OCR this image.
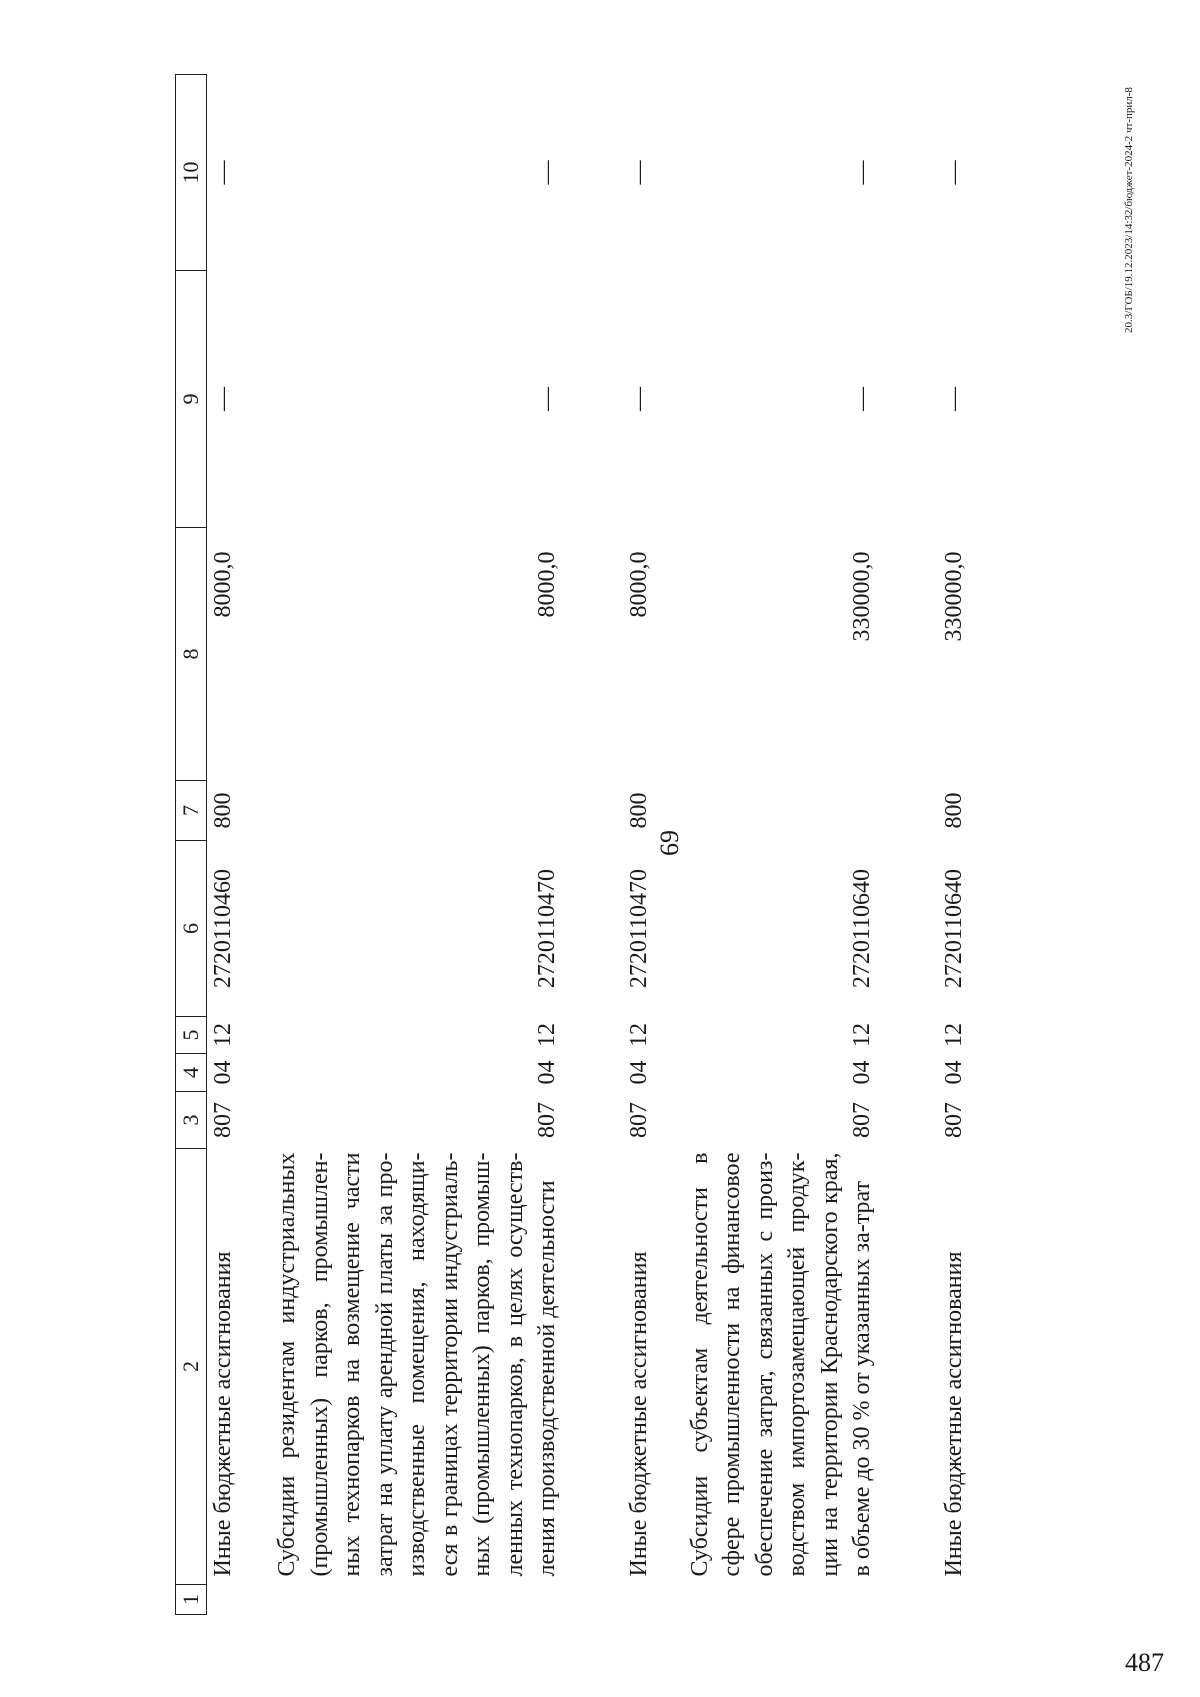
69
1	2	3	4	5	6	7	8	9	10
	Иные бюджетные ассигнования	807	04	12	2720110460	800	8000,0	—	—

	Субсидии резидентам индустриальных (промышленных) парков, промышлен-ных технопарков на возмещение части затрат на уплату арендной платы за про-изводственные помещения, находящи-еся в границах территории индустриаль-ных (промышленных) парков, промыш-ленных технопарков, в целях осуществ-ления производственной деятельности	807	04	12	2720110470		8000,0	—	—

	Иные бюджетные ассигнования	807	04	12	2720110470	800	8000,0	—	—

	Субсидии субъектам деятельности в сфере промышленности на финансовое обеспечение затрат, связанных с произ-водством импортозамещающей продук-ции на территории Краснодарского края, в объеме до 30 % от указанных за-трат	807	04	12	2720110640		330000,0	—	—

	Иные бюджетные ассигнования	807	04	12	2720110640	800	330000,0	—	—	20.3/ГОБ/19.12.2023/14:32/бюджет-2024-2 чт-прил-8
487
